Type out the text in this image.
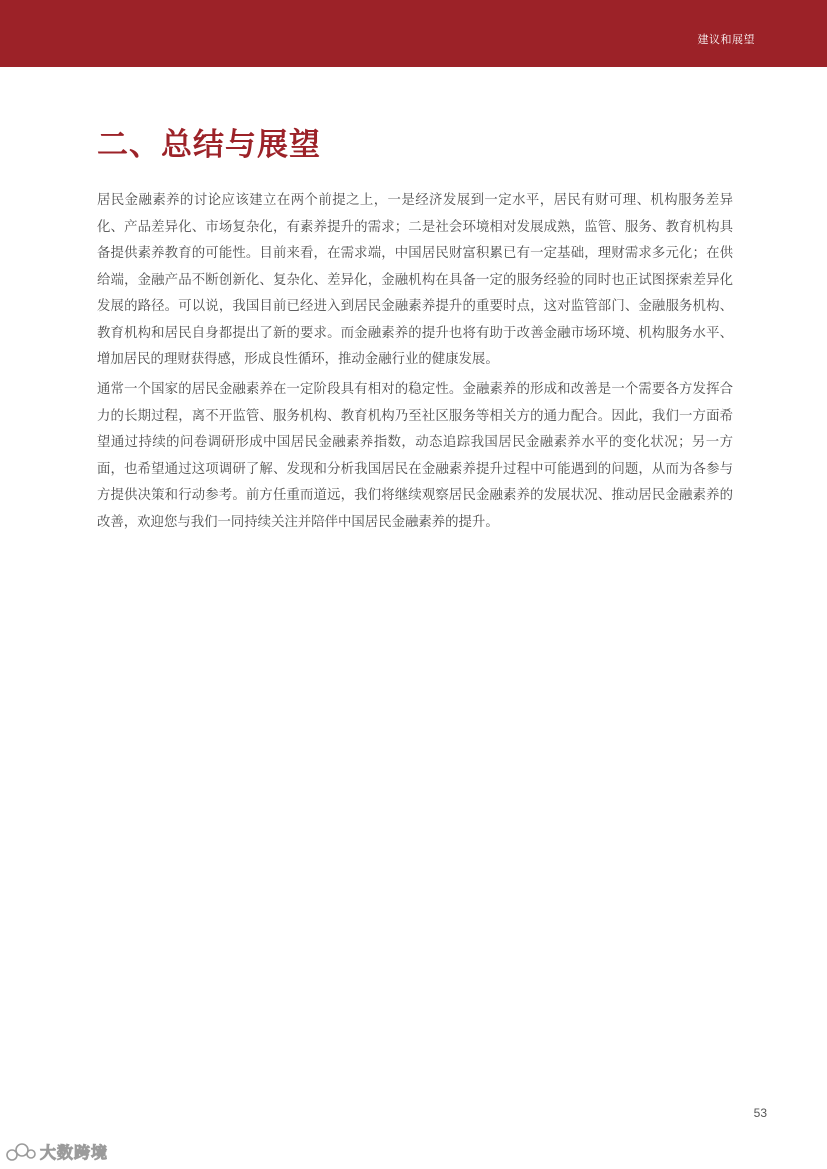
建议和展望
二、总结与展望

居民金融素养的讨论应该建立在两个前提之上，一是经济发展到一定水平，居民有财可理、机构服务差异化、产品差异化、市场复杂化，有素养提升的需求；二是社会环境相对发展成熟，监管、服务、教育机构具备提供素养教育的可能性。目前来看，在需求端，中国居民财富积累已有一定基础，理财需求多元化；在供给端，金融产品不断创新化、复杂化、差异化，金融机构在具备一定的服务经验的同时也正试图探索差异化发展的路径。可以说，我国目前已经进入到居民金融素养提升的重要时点，这对监管部门、金融服务机构、教育机构和居民自身都提出了新的要求。而金融素养的提升也将有助于改善金融市场环境、机构服务水平、增加居民的理财获得感，形成良性循环，推动金融行业的健康发展。

通常一个国家的居民金融素养在一定阶段具有相对的稳定性。金融素养的形成和改善是一个需要各方发挥合力的长期过程，离不开监管、服务机构、教育机构乃至社区服务等相关方的通力配合。因此，我们一方面希望通过持续的问卷调研形成中国居民金融素养指数，动态追踪我国居民金融素养水平的变化状况；另一方面，也希望通过这项调研了解、发现和分析我国居民在金融素养提升过程中可能遇到的问题，从而为各参与方提供决策和行动参考。前方任重而道远，我们将继续观察居民金融素养的发展状况、推动居民金融素养的改善，欢迎您与我们一同持续关注并陪伴中国居民金融素养的提升。

53
大数跨境
